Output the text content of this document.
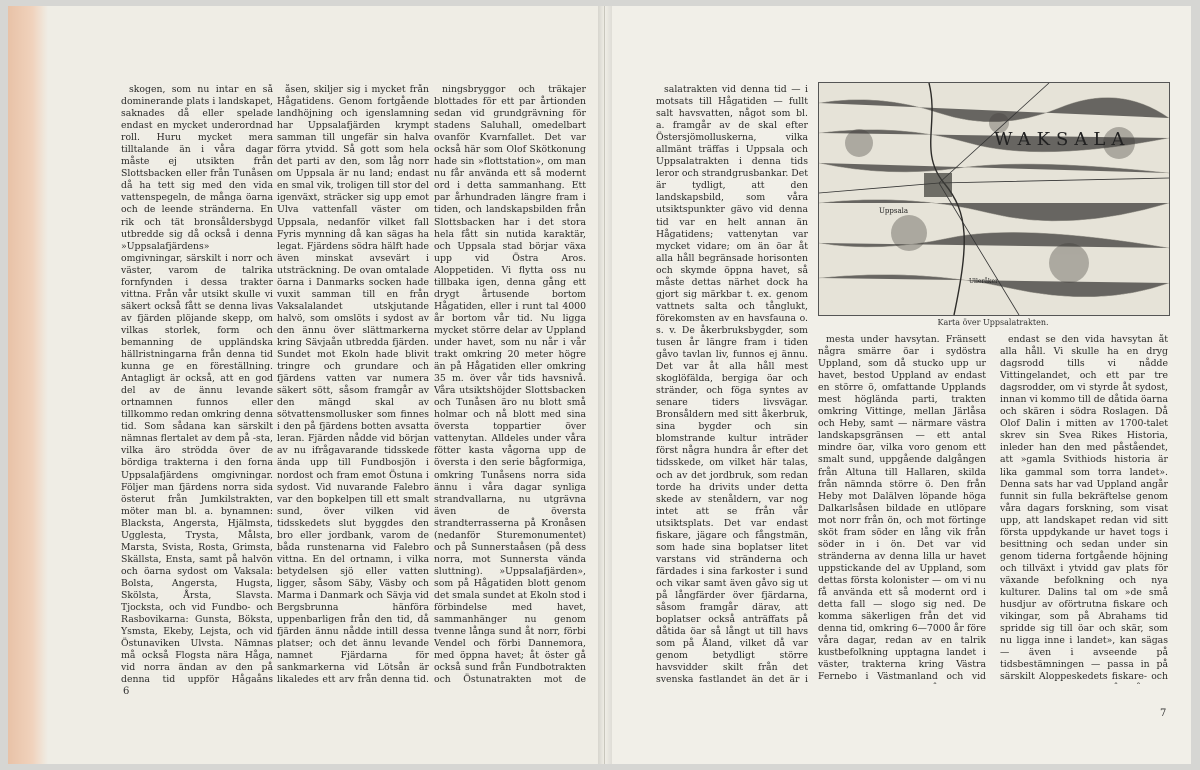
skogen, som nu intar en så dominerande plats i landskapet, saknades då eller spelade endast en mycket underordnad roll. Huru mycket mera tilltalande än i våra dagar måste ej utsikten från Slottsbacken eller från Tunåsen då ha tett sig med den vida vattenspegeln, de många öarna och de leende stränderna. En rik och tät bronsåldersbygd utbredde sig då också i denna »Uppsalafjärdens» omgivningar, särskilt i norr och väster, varom de talrika fornfynden i dessa trakter vittna. Från vår utsikt skulle vi säkert också fått se denna livas av fjärden plöjande skepp, om vilkas storlek, form och bemanning de uppländska hällristningarna från denna tid kunna ge en föreställning. Antagligt är också, att en god del av de ännu levande ortnamnen funnos eller tillkommo redan omkring denna tid. Som sådana kan särskilt nämnas flertalet av dem på -sta, vilka äro strödda över de bördiga trakterna i den forna Uppsalafjärdens omgivningar. Följer man fjärdens norra sida österut från Jumkilstrakten, möter man bl. a. bynamnen: Blacksta, Angersta, Hjälmsta, Ugglesta, Trysta, Målsta, Marsta, Svista, Rosta, Grimsta, Skällsta, Ensta, samt på halvön och öarna sydost om Vaksala: Bolsta, Angersta, Hugsta, Skölsta, Årsta, Slavsta. Tjocksta, och vid Fundbo- och Rasbovikarna: Gunsta, Böksta, Ysmsta, Ekeby, Lejsta, och vid Östunaviken Ulvsta. Nämnas må också Flogsta nära Håga, vid norra ändan av den på denna tid uppför Hågaåns

åsen, skiljer sig i mycket från Hågatidens. Genom fortgående landhöjning och igenslamning har Uppsalafjärden krympt samman till ungefär sin halva förra ytvidd. Så gott som hela det parti av den, som låg norr om Uppsala är nu land; endast en smal vik, troligen till stor del igenväxt, sträcker sig upp emot Ulva vattenfall väster om Uppsala, nedanför vilket fall Fyris mynning då kan sägas ha legat. Fjärdens södra hälft hade även minskat avsevärt i utsträckning. De ovan omtalade öarna i Danmarks socken hade vuxit samman till en från Vaksalalandet utskjutande halvö, som omslöts i sydost av den ännu över slättmarkerna kring Sävjaån utbredda fjärden. Sundet mot Ekoln hade blivit tringre och grundare och fjärdens vatten var numera säkert sött, såsom framgår av den mängd skal av sötvattensmollusker som finnes i den på fjärdens botten avsatta leran. Fjärden nådde vid början av nu ifrågavarande tidsskede ända upp till Fundbosjön i nordost och fram emot Östuna i sydost. Vid nuvarande Falebro var den bopkelpen till ett smalt sund, över vilken vid tidsskedets slut byggdes den bro eller jordbank, varom de båda runstenarna vid Falebro vittna. En del ortnamn, i vilka betydelsen sjö eller vatten ligger, såsom Säby, Väsby och Marma i Danmark och Sävja vid Bergsbrunna hänföra uppenbarligen från den tid, då fjärden ännu nådde intill dessa platser; och det ännu levande namnet Fjärdarna för sankmarkerna vid Lötsån är likaledes ett arv från denna tid.

ningsbryggor och träkajer blottades för ett par årtionden sedan vid grundgrävning för stadens Saluhall, omedelbart ovanför Kvarnfallet. Det var också här som Olof Skötkonung hade sin »flottstation», om man nu får använda ett så modernt ord i detta sammanhang. Ett par århundraden längre fram i tiden, och landskapsbilden från Slottsbacken har i det stora hela fått sin nutida karaktär, och Uppsala stad börjar växa upp vid Östra Aros. Aloppetiden. Vi flytta oss nu tillbaka igen, denna gång ett drygt årtusende bortom Hågatiden, eller i runt tal 4000 år bortom vår tid. Nu ligga mycket större delar av Uppland under havet, som nu når i vår trakt omkring 20 meter högre än på Hågatiden eller omkring 35 m. över vår tids havsnivå. Våra utsiktshöjder Slottsbacken och Tunåsen äro nu blott små holmar och nå blott med sina översta toppartier över vattenytan. Alldeles under våra fötter kasta vågorna upp de översta i den serie bågformiga, omkring Tunåsens norra sida ännu i våra dagar synliga strandvallarna, nu utgrävna även de översta strandterrasserna på Kronåsen (nedanför Sturemonumentet) och på Sunnerstaåsen (på dess norra, mot Sunnersta vända sluttning). »Uppsalafjärden», som på Hågatiden blott genom det smala sundet at Ekoln stod i förbindelse med havet, sammanhänger nu genom tvenne långa sund åt norr, förbi Vendel och förbi Dannemora, med öppna havet; åt öster gå också sund från Fundbotrakten och Östunatrakten mot de

salatrakten vid denna tid — i motsats till Hågatiden — fullt salt havsvatten, något som bl. a. framgår av de skal efter Östersjömolluskerna, vilka allmänt träffas i Uppsala och Uppsalatrakten i denna tids leror och strandgrusbankar. Det är tydligt, att den landskapsbild, som våra utsiktspunkter gävo vid denna tid var en helt annan än Hågatidens; vattenytan var mycket vidare; om än öar åt alla håll begränsade horisonten och skymde öppna havet, så måste dettas närhet dock ha gjort sig märkbar t. ex. genom vattnets salta och tånglukt, förekomsten av en havsfauna o. s. v. De åkerbruksbygder, som tusen år längre fram i tiden gåvo tavlan liv, funnos ej ännu. Det var åt alla håll mest skoglöfälda, bergiga öar och stränder, och föga syntes av senare tiders livsvägar. Bronsåldern med sitt åkerbruk, sina bygder och sin blomstrande kultur inträder först några hundra år efter det tidsskede, om vilket här talas, och av det jordbruk, som redan torde ha drivits under detta skede av stenåldern, var nog intet att se från vår utsiktsplats. Det var endast fiskare, jägare och fångstmän, som hade sina boplatser litet varstans vid stränderna och färdades i sina farkoster i sund och vikar samt även gåvo sig ut på långfärder över fjärdarna, såsom framgår därav, att boplatser också anträffats på dåtida öar så långt ut till havs som på Åland, vilket då var genom betydligt större havsvidder skilt från det svenska fastlandet än det är i

mesta under havsytan. Fränsett några smärre öar i sydöstra Uppland, som då stucko upp ur havet, bestod Uppland av endast en större ö, omfattande Upplands mest höglända parti, trakten omkring Vittinge, mellan Järlåsa och Heby, samt — närmare västra landskapsgränsen — ett antal mindre öar, vilka voro genom ett smalt sund, uppgående dalgången från Altuna till Hallaren, skilda från nämnda större ö. Den från Heby mot Dalälven löpande höga Dalkarlsåsen bildade en utlöpare mot norr från ön, och mot förtinge sköt fram söder en lång vik från söder in i ön. Det var vid stränderna av denna lilla ur havet uppstickande del av Uppland, som dettas första kolonister — om vi nu få använda ett så modernt ord i detta fall — slogo sig ned. De komma säkerligen från det vid denna tid, omkring 6—7000 år före våra dagar, redan av en talrik kustbefolkning upptagna landet i väster, trakterna kring Västra Fernebo i Västmanland och vid

endast se den vida havsytan åt alla håll. Vi skulle ha en dryg dagsrodd tills vi nådde Vittingelandet, och ett par tre dagsrodder, om vi styrde åt sydost, innan vi kommo till de dåtida öarna och skären i södra Roslagen. Då Olof Dalin i mitten av 1700-talet skrev sin Svea Rikes Historia, inleder han den med påståendet, att »gamla Svithiods historia är lika gammal som torra landet». Denna sats har vad Uppland angår funnit sin fulla bekräftelse genom våra dagars forskning, som visat upp, att landskapet redan vid sitt första uppdykande ur havet togs i besittning och sedan under sin genom tiderna fortgående höjning och tillväxt i ytvidd gav plats för växande befolkning och nya kulturer. Dalins tal om »de små husdjur av oförtrutna fiskare och vikingar, som på Abrahams tid spridde sig till öar och skär, som nu ligga inne i landet», kan sägas — även i avseende på tidsbestämningen — passa in på särskilt Aloppeskedets fiskare- och

WAKSALA
Uppsala
Ulleråker
Karta över Uppsalatrakten.
6
7
